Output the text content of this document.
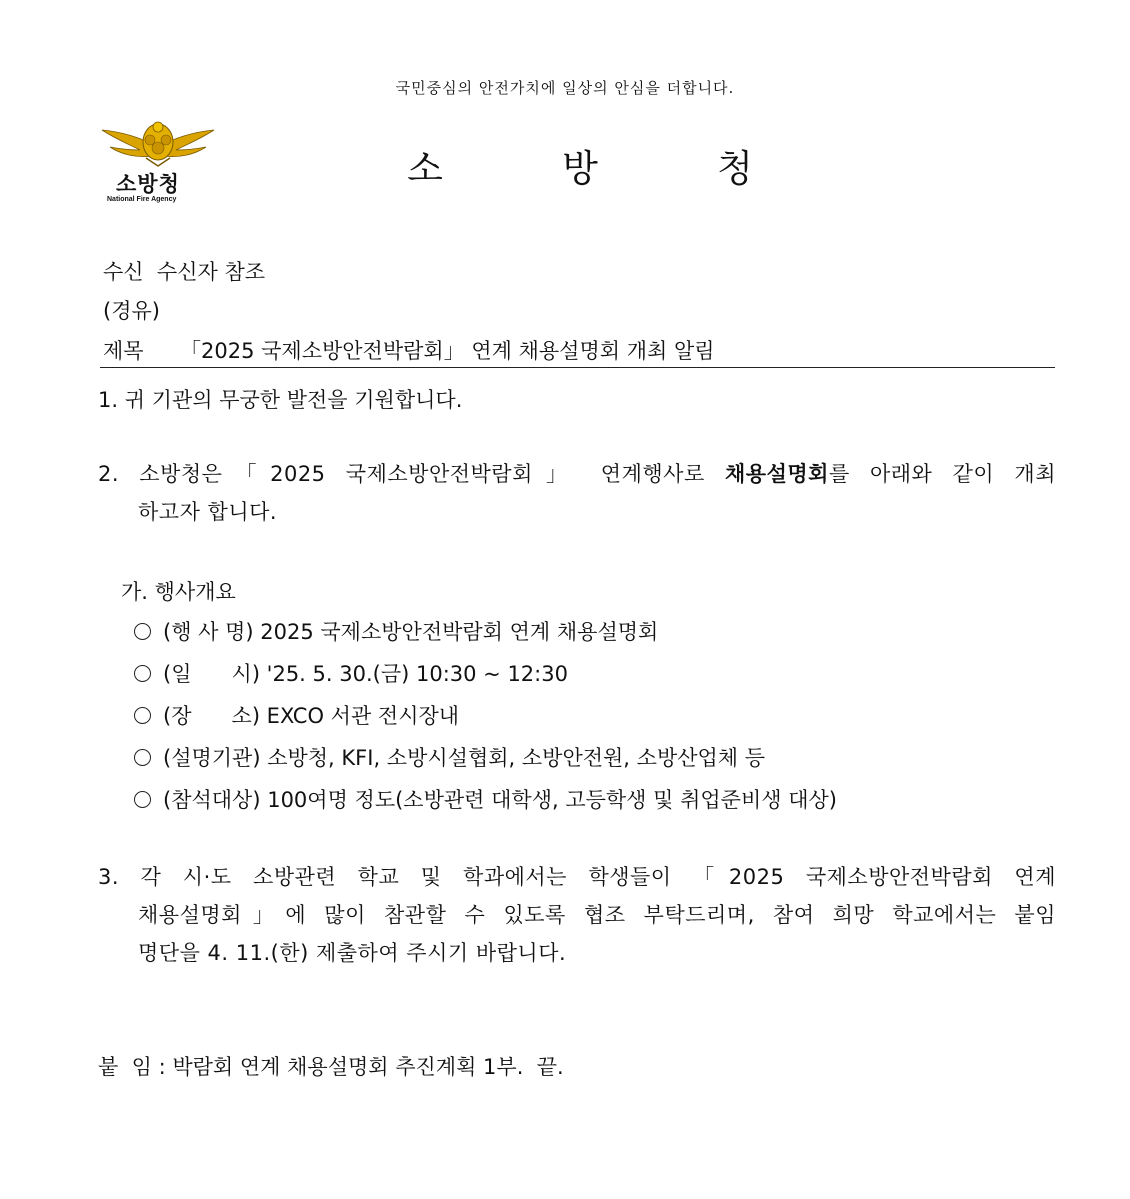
국민중심의 안전가치에 일상의 안심을 더합니다.
소방청
National Fire Agency
소	방	청
수신  수신자 참조
(경유)
제목 「2025 국제소방안전박람회」 연계 채용설명회 개최 알림
1. 귀 기관의 무궁한 발전을 기원합니다.
2. 소방청은「2025 국제소방안전박람회」 연계행사로 채용설명회를 아래와 같이 개최
하고자 합니다.
가. 행사개요
(행 사 명) 2025 국제소방안전박람회 연계 채용설명회
(일      시) '25. 5. 30.(금) 10:30 ~ 12:30
(장      소) EXCO 서관 전시장내
(설명기관) 소방청, KFI, 소방시설협회, 소방안전원, 소방산업체 등
(참석대상) 100여명 정도(소방관련 대학생, 고등학생 및 취업준비생 대상)
3. 각 시·도 소방관련 학교 및 학과에서는 학생들이 「2025 국제소방안전박람회 연계
채용설명회」에 많이 참관할 수 있도록 협조 부탁드리며, 참여 희망 학교에서는 붙임
명단을 4. 11.(한) 제출하여 주시기 바랍니다.
붙  임 : 박람회 연계 채용설명회 추진계획 1부.  끝.
